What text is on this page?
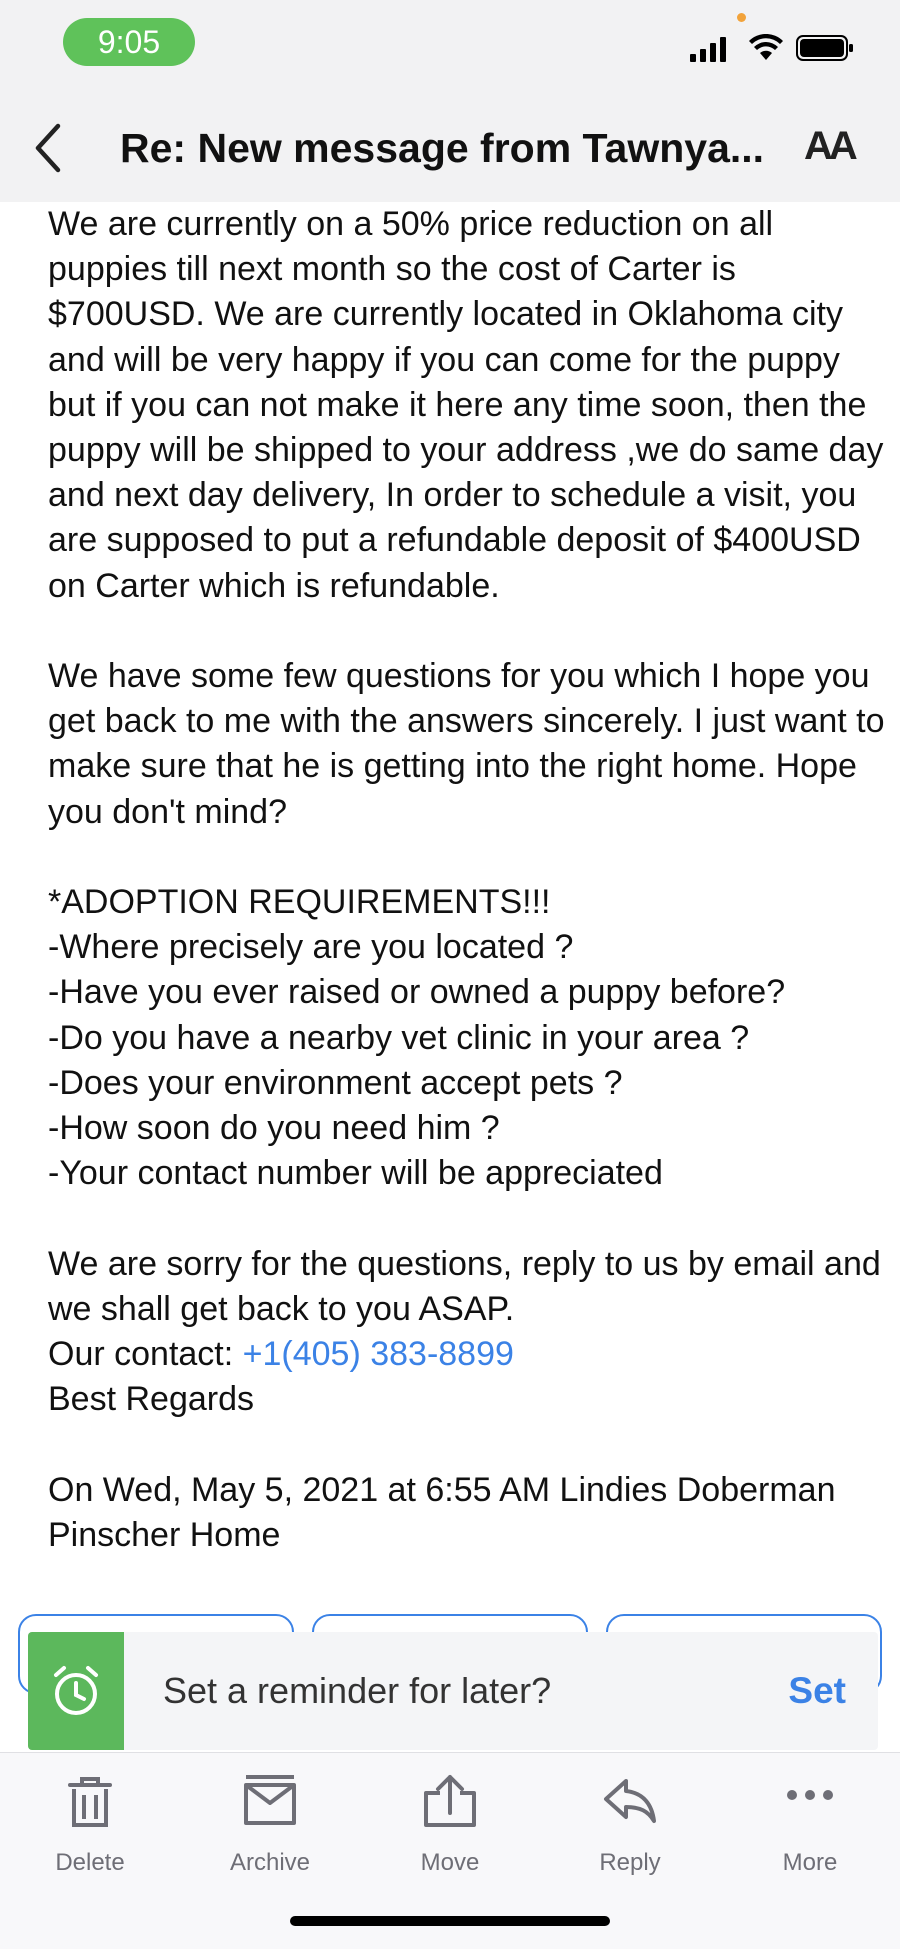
9:05
Re: New message from Tawnya... AA

We are currently on a 50% price reduction on all puppies till next month so the cost of Carter is $700USD. We are currently located in Oklahoma city and will be very happy if you can come for the puppy but if you can not make it here any time soon, then the puppy will be shipped to your address ,we do same day and next day delivery, In order to schedule a visit, you are supposed to put a refundable deposit of $400USD on Carter which is refundable.

We have some few questions for you which I hope you get back to me with the answers sincerely. I just want to make sure that he is getting into the right home. Hope you don't mind?

*ADOPTION REQUIREMENTS!!!

-Where precisely are you located ?

-Have you ever raised or owned a puppy before?

-Do you have a nearby vet clinic in your area ?

-Does your environment accept pets ?

-How soon do you need him ?

-Your contact number will be appreciated

We are sorry for the questions, reply to us by email and we shall get back to you ASAP.

Our contact: +1(405) 383-8899

Best Regards

On Wed, May 5, 2021 at 6:55 AM Lindies Doberman Pinscher Home

Set a reminder for later?	Set
Delete	Archive	Move	Reply	More
